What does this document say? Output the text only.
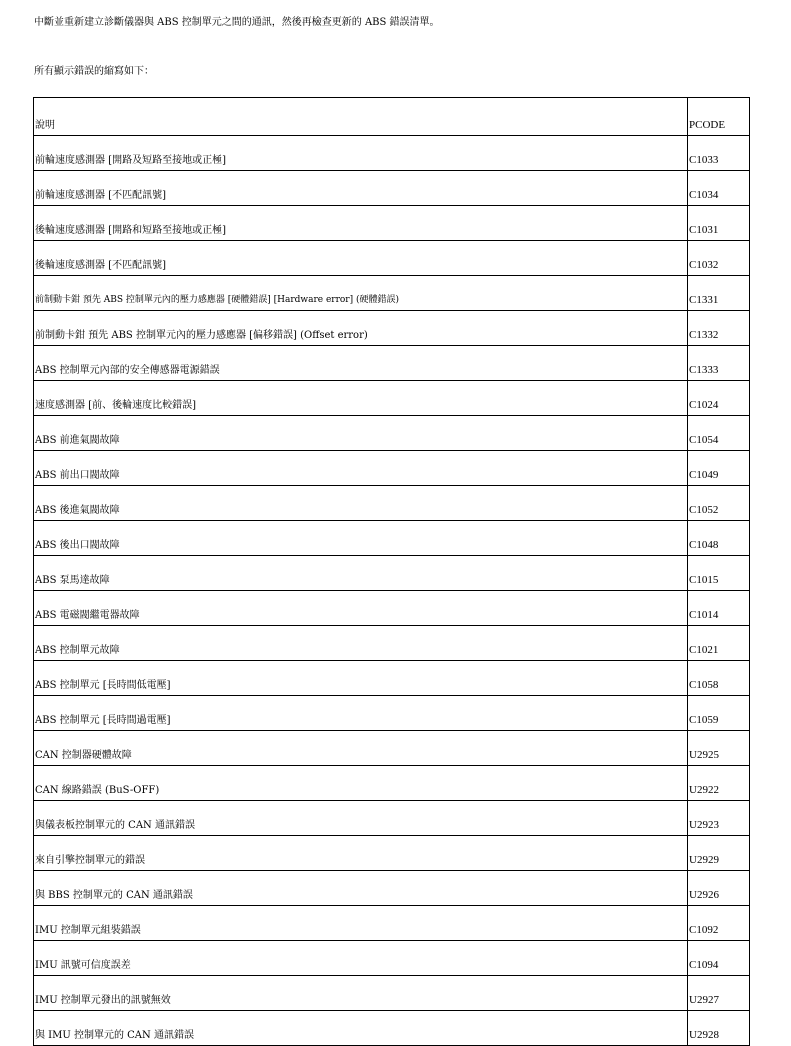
中斷並重新建立診斷儀器與 ABS 控制單元之間的通訊，然後再檢查更新的 ABS 錯誤清單。
所有顯示錯誤的縮寫如下：
說明	PCODE
前輪速度感測器 [開路及短路至接地或正極]	C1033
前輪速度感測器 [不匹配訊號]	C1034
後輪速度感測器 [開路和短路至接地或正極]	C1031
後輪速度感測器 [不匹配訊號]	C1032
前制動卡鉗 預先 ABS 控制單元內的壓力感應器 [硬體錯誤] [Hardware error] (硬體錯誤)	C1331
前制動卡鉗 預先 ABS 控制單元內的壓力感應器 [偏移錯誤] (Offset error)	C1332
ABS 控制單元內部的安全傳感器電源錯誤	C1333
速度感測器 [前、後輪速度比較錯誤]	C1024
ABS 前進氣閥故障	C1054
ABS 前出口閥故障	C1049
ABS 後進氣閥故障	C1052
ABS 後出口閥故障	C1048
ABS 泵馬達故障	C1015
ABS 電磁閥繼電器故障	C1014
ABS 控制單元故障	C1021
ABS 控制單元 [長時間低電壓]	C1058
ABS 控制單元 [長時間過電壓]	C1059
CAN 控制器硬體故障	U2925
CAN 線路錯誤 (BuS-OFF)	U2922
與儀表板控制單元的 CAN 通訊錯誤	U2923
來自引擎控制單元的錯誤	U2929
與 BBS 控制單元的 CAN 通訊錯誤	U2926
IMU 控制單元組裝錯誤	C1092
IMU 訊號可信度誤差	C1094
IMU 控制單元發出的訊號無效	U2927
與 IMU 控制單元的 CAN 通訊錯誤	U2928
